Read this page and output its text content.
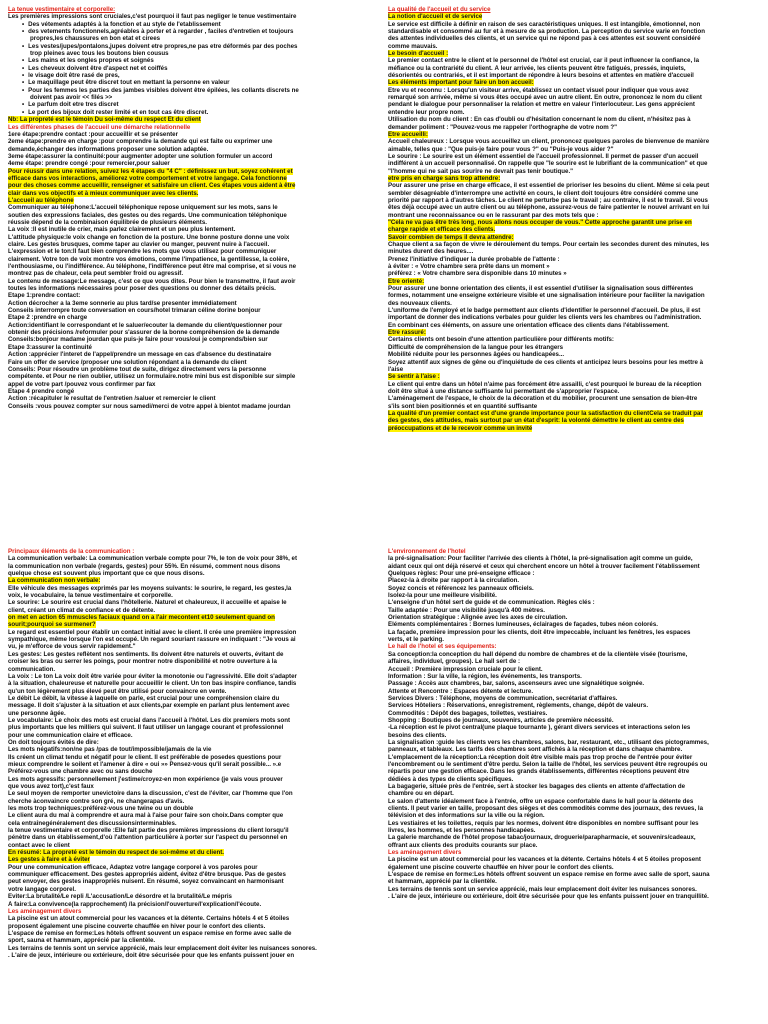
La tenue vestimentaire et corporelle:
Les premières impressions sont cruciales,c'est pourquoi il faut pas negliger le tenue vestimentaire
• Des vétements adaptés à la fonction et au style de l'etablissement
• des vetements fonctionnels,agréables à porter et à regarder , faciles d'entretien et toujours
propres,les chaussures en bon etat et cirees
• Les vestes/jupes/pontalons,jupes doivent etre propres,ne pas etre déformés par des poches
trop pleines avec tous les boutons bien cousus
• Les mains et les ongles propres et soignés
• Les cheveux doivent être d'aspect net et coiffés
• le visage doit être rasé de pres,
• Le maquillage peut être discret tout en mettant la personne en valeur
• Pour les femmes les parties des jambes visibles doivent être épilées, les collants discrets ne
doivent pas avoir << filés >>
• Le parfum doit etre tres discret
• Le port des bijoux doit rester limité et en tout cas être discret.
Nb: La propreté est le témoin Du soi-même du respect Et du client
Les différentes phases de l'accueil une démarche relationnelle
1ere étape:prendre contact :pour accueillir et se présenter
2eme étape:prendre en charge :pour comprendre la demande qui est faite ou exprimer une
demande,échanger des informations proposer une solution adaptée.
3eme étape:assurer la continuité:pour augmenter adopter une solution formuler un accord
4eme étape: prendre congé :pour remercier,pour saluer
Pour réussir dans une relation, suivez les 4 étapes du "4 C" : définissez un but, soyez cohérent et
efficace dans vos interactions, améliorez votre comportement et votre langage. Cela fonctionne
pour des choses comme accueillir, renseigner et satisfaire un client. Ces étapes vous aident à être
clair dans vos objectifs et à mieux communiquer avec les clients.
L'accueil au téléphone
Communiquer au téléphone:L'accueil téléphonique repose uniquement sur les mots, sans le
soutien des expressions faciales, des gestes ou des regards. Une communication téléphonique
réussie dépend de la combinaison équilibrée de plusieurs éléments.
La voix :Il est inutile de crier, mais parlez clairement et un peu plus lentement.
L'attitude physique:le voix change en fonction de la posture. Une bonne posture donne une voix
claire. Les gestes brusques, comme taper au clavier ou manger, peuvent nuire à l'accueil.
L'expression et le ton:Il faut bien comprendre les mots que vous utilisez pour communiquer
clairement. Votre ton de voix montre vos émotions, comme l'impatience, la gentillesse, la colère,
l'enthousiasme, ou l'indifférence. Au téléphone, l'indifférence peut être mal comprise, et si vous ne
montrez pas de chaleur, cela peut sembler froid ou agressif.
Le contenu de message:Le message, c'est ce que vous dites. Pour bien le transmettre, il faut avoir
toutes les informations nécessaires pour poser des questions ou donner des détails précis.
Etape 1:prendre contact:
Action décrocher a la 3eme sonnerie au plus tard/se presenter immédiatement
Conseils interrompre toute conversation en cours/hotel trimaran céline dorine bonjour
Etape 2 :prendre en charge
Action:identifiant le correspondant et le saluer/ecouter la demande du client/questionner pour
obtenir des précisions /reformuler pour s'assurer de la bonne compréhension de la demande
Conseils:bonjour madame jourdan que puis-je faire pour vous/oui je comprends/bien sur
Etape 3:assurer la continuité
Action :apprécier l'interet de l'appel/prendre un message en cas d'absence du destinataire
Faire un offer de service /proposer une solution répondant a la demande du client
Conseils: Pour résoudre un problème tout de suite, dirigez directement vers la personne
compétente. et Pour ne rien oublier, utilisez un formulaire.notre mini bus est disponible sur simple
appel de votre part /pouvez vous confirmer par fax
Etape 4 prendre congé
Action :récapituler le resultat de l'entretien /saluer et remercier le client
Conseils :vous pouvez compter sur nous samedi/merci de votre appel à bientot madame jourdan
La qualité de l'accueil et du service
La notion d'accueil et de service
Le service est difficile à définir en raison de ses caractéristiques uniques. Il est intangible, émotionnel, non
standardisable et consommé au fur et à mesure de sa production. La perception du service varie en fonction
des attentes individuelles des clients, et un service qui ne répond pas à ces attentes est souvent considéré
comme mauvais.
Le besoin d'accueil :
Le premier contact entre le client et le personnel de l'hôtel est crucial, car il peut influencer la confiance, la
méfiance ou la contrariété du client. À leur arrivée, les clients peuvent être fatigués, pressés, inquiets,
désorientés ou contrariés, et il est important de répondre à leurs besoins et attentes en matière d'accueil
Les éléments important pour faire un bon accueil:
Etre vu et reconnu : Lorsqu'un visiteur arrive, établissez un contact visuel pour indiquer que vous avez
remarqué son arrivée, même si vous êtes occupé avec un autre client. En outre, prononcez le nom du client
pendant le dialogue pour personnaliser la relation et mettre en valeur l'interlocuteur. Les gens apprécient
entendre leur propre nom.
Utilisation du nom du client : En cas d'oubli ou d'hésitation concernant le nom du client, n'hésitez pas à
demander poliment : "Pouvez-vous me rappeler l'orthographe de votre nom ?"
Etre accueilli:
Accueil chaleureux : Lorsque vous accueillez un client, prononcez quelques paroles de bienvenue de manière
aimable, telles que : "Que puis-je faire pour vous ?" ou "Puis-je vous aider ?"
Le sourire : Le sourire est un élément essentiel de l'accueil professionnel. Il permet de passer d'un accueil
indifférent à un accueil personnalisé. On rappelle que "le sourire est le lubrifiant de la communication" et que
"l'homme qui ne sait pas sourire ne devrait pas tenir boutique."
etre pris en charge sans trop attendre:
Pour assurer une prise en charge efficace, il est essentiel de prioriser les besoins du client. Même si cela peut
sembler désagréable d'interrompre une activité en cours, le client doit toujours être considéré comme une
priorité par rapport à d'autres tâches. Le client ne perturbe pas le travail ; au contraire, il est le travail. Si vous
êtes déjà occupé avec un autre client ou au téléphone, assurez-vous de faire patienter le nouvel arrivant en lui
montrant une reconnaissance ou en le rassurant par des mots tels que :
"Cela ne va pas être très long, nous allons nous occuper de vous." Cette approche garantit une prise en
charge rapide et efficace des clients.
Savoir combien de temps il devra attendre:
Chaque client a sa façon de vivre le déroulement du temps. Pour certain les secondes durent des minutes, les
minutes durent des heures....
Prenez l'initiative d'indiquer la durée probable de l'attente :
à éviter : « Votre chambre sera prête dans un moment »
préférez : « Votre chambre sera disponible dans 10 minutes »
Etre orienté:
Pour assurer une bonne orientation des clients, il est essentiel d'utiliser la signalisation sous différentes
formes, notamment une enseigne extérieure visible et une signalisation intérieure pour faciliter la navigation
des nouveaux clients.
L'uniforme de l'employé et le badge permettent aux clients d'identifier le personnel d'accueil. De plus, il est
important de donner des indications verbales pour guider les clients vers les chambres ou l'administration.
En combinant ces éléments, on assure une orientation efficace des clients dans l'établissement.
Etre rassuré:
Certains clients ont besoin d'une attention particulière pour différents motifs:
Difficulté de compréhension de la langue pour les étrangers
Mobilité réduite pour les personnes âgées ou handicapées...
Soyez attentif aux signes de gêne ou d'inquiétude de ces clients et anticipez leurs besoins pour les mettre à
l'aise
Se sentir à l'aise :
Le client qui entre dans un hôtel n'aime pas forcément être assailli, c'est pourquoi le bureau de la réception
doit être situé à une distance suffisante lui permettant de s'approprier l'espace.
L'aménagement de l'espace, le choix de la décoration et du mobilier, procurent une sensation de bien-être
s'ils sont bien positionnés et en quantité suffisante
La qualité d'un premier contact est d'une grande importance pour la satisfaction du clientCela se traduit par
des gestes, des attitudes, mais surtout par un état d'esprit: la volonté démettre le client au centre des
préoccupations et de le recevoir comme un invité
Principaux éléments de la communication :
La communication verbale: La communication verbale compte pour 7%, le ton de voix pour 38%, et
la communication non verbale (regards, gestes) pour 55%. En résumé, comment nous disons
quelque chose est souvent plus important que ce que nous disons.
La communication non verbale:
Elle véhicule des messages exprimés par les moyens suivants: le sourire, le regard, les gestes,la
voix, le vocabulaire, la tenue vestimentaire et corporelle.
Le sourire: Le sourire est crucial dans l'hôtellerie. Naturel et chaleureux, il accueille et apaise le
client, créant un climat de confiance et de détente.
on met en action 65 mmuscles faciaux quand on a l'air mecontent et10 seulement quand on
sourit;pourquoi se surmener?
Le regard est essentiel pour établir un contact initial avec le client. Il crée une première impression
sympathique, même lorsque l'on est occupé. Un regard souriant rassure en indiquant : "Je vous ai
vu, je m'efforce de vous servir rapidement."
Les gestes: Les gestes reflètent nos sentiments. Ils doivent être naturels et ouverts, évitant de
croiser les bras ou serrer les poings, pour montrer notre disponibilité et notre ouverture à la
communication.
La voix : Le ton La voix doit être variée pour éviter la monotonie ou l'agressivité. Elle doit s'adapter
à la situation, chaleureuse et naturelle pour accueillir le client. Un ton bas inspire confiance, tandis
qu'un ton légèrement plus élevé peut être utilisé pour convaincre en vente.
Le débit Le débit, la vitesse à laquelle on parle, est crucial pour une compréhension claire du
message. Il doit s'ajuster à la situation et aux clients,par exemple en parlant plus lentement avec
une personne âgée.
Le vocabulaire: Le choix des mots est crucial dans l'accueil à l'hôtel. Les dix premiers mots sont
plus importants que les milliers qui suivent. Il faut utiliser un langage courant et professionnel
pour une communication claire et efficace.
On doit toujours évités de dire:
Les mots négatifs:non/ne pas /pas de tout/impossible/jamais de la vie
Ils créent un climat tendu et négatif pour le client. Il est préférable de posedes questions pour
mieux comprendre le soilent et l'amener à dire « oui »» Pensez-vous qu'il serait possible... ».e
Préférez-vous une chambre avec ou sans douche
Les mots agressifs: personnellement j'estime/croyez-en mon expérience (je vais vous prouver
que vous avez tort),c'est faux
Le seul moyen de remporter unevictoire dans la discussion, c'est de l'éviter, car l'homme que l'on
cherche àconvaincre contre son gré, ne changerapas d'avis.
les mots trop techniques:préférez-vous une twine ou un double
Le client aura du mal à comprendre et aura mal à l'aise pour faire son choix.Dans compter que
cela entraînegénéralement des discussionsinterminables.
la tenue vestimentaire et corporelle :Elle fait partie des premières impressions du client lorsqu'il
pénètre dans un établissement,d'où l'attention particulière à porter sur l'aspect du personnel en
contact avec le client
En résumé: La propreté est le témoin du respect de soi-même et du client.
Les gestes à faire et à éviter
Pour une communication efficace, Adaptez votre langage corporel à vos paroles pour
communiquer efficacement. Des gestes appropriés aident, évitez d'être brusque. Pas de gestes
peut envoyer, des gestes inappropriés nuisent. En résumé, soyez convaincant en harmonisant
votre langage corporel.
Eviter:La brutalité/Le repli /L'accusation/Le désordre et la brutalité/Le mépris
À faire:La convivence(la rapprochement) /la précision/l'ouverture/l'explication/l'écoute.
Les aménagement divers
La piscine est un atout commercial pour les vacances et la détente. Certains hôtels 4 et 5 étoiles
proposent également une piscine couverte chauffée en hiver pour le confort des clients.
L'espace de remise en forme:Les hôtels offrent souvent un espace remise en forme avec salle de
sport, sauna et hammam, apprécié par la clientèle.
Les terrains de tennis sont un service apprécié, mais leur emplacement doit éviter les nuisances sonores.
. L'aire de jeux, intérieure ou extérieure, doit être sécurisée pour que les enfants puissent jouer en
L'environnement de l'hotel
la pré-signalisation: Pour faciliter l'arrivée des clients à l'hôtel, la pré-signalisation agit comme un guide,
aidant ceux qui ont déjà réservé et ceux qui cherchent encore un hôtel à trouver facilement l'établissement
Quelques règles: Pour une pré-enseigne efficace :
Placez-la à droite par rapport à la circulation.
Soyez concis et référencez les panneaux officiels.
Isolez-la pour une meilleure visibilité.
L'enseigne d'un hôtel sert de guide et de communication. Règles clés :
Taille adaptée : Pour une visibilité jusqu'à 400 mètres.
Orientation stratégique : Alignée avec les axes de circulation.
Éléments complémentaires : Bornes lumineuses, éclairages de façades, tubes néon colorés.
La façade, première impression pour les clients, doit être impeccable, incluant les fenêtres, les espaces
verts, et le parking.
Le hall de l'hotel et ses équipements:
Sa conception:la conception du hall dépend du nombre de chambres et de la clientèle visée (tourisme,
affaires, individuel, groupes). Le hall sert de :
Accueil : Première impression cruciale pour le client.
Information : Sur la ville, la région, les événements, les transports.
Passage : Accès aux chambres, bar, salons, ascenseurs avec une signalétique soignée.
Attente et Rencontre : Espaces détente et lecture.
Services Divers : Téléphone, moyens de communication, secrétariat d'affaires.
Services Hôteliers : Réservations, enregistrement, règlements, change, dépôt de valeurs.
Commodités : Dépôt des bagages, toilettes, vestiaires.
Shopping : Boutiques de journaux, souvenirs, articles de première nécessité.
-La réception est le pivot central(une plaque tournante ), gérant divers services et interactions selon les
besoins des clients.
La signalisation :guide les clients vers les chambres, salons, bar, restaurant, etc., utilisant des pictogrammes,
panneaux, et tableaux. Les tarifs des chambres sont affichés à la réception et dans chaque chambre.
L'emplacement de la réception:La réception doit être visible mais pas trop proche de l'entrée pour éviter
l'encombrement ou le sentiment d'être perdu. Selon la taille de l'hôtel, les services peuvent être regroupés ou
répartis pour une gestion efficace. Dans les grands établissements, différentes réceptions peuvent être
dédiées à des types de clients spécifiques.
La bagagerie, située près de l'entrée, sert à stocker les bagages des clients en attente d'affectation de
chambre ou en départ.
Le salon d'attente idéalement face à l'entrée, offre un espace confortable dans le hall pour la détente des
clients. Il peut varier en taille, proposant des sièges et des commodités comme des journaux, des revues, la
télévision et des informations sur la ville ou la région.
Les vestiaires et les toilettes, requis par les normes, doivent être disponibles en nombre suffisant pour les
livres, les hommes, et les personnes handicapées.
La galerie marchande de l'hôtel propose tabac/journaux, droguerie/parapharmacie, et souvenirs/cadeaux,
offrant aux clients des produits courants sur place.
Les aménagement divers
La piscine est un atout commercial pour les vacances et la détente. Certains hôtels 4 et 5 étoiles proposent
également une piscine couverte chauffée en hiver pour le confort des clients.
L'espace de remise en forme:Les hôtels offrent souvent un espace remise en forme avec salle de sport, sauna
et hammam, apprécié par la clientèle.
Les terrains de tennis sont un service apprécié, mais leur emplacement doit éviter les nuisances sonores.
. L'aire de jeux, intérieure ou extérieure, doit être sécurisée pour que les enfants puissent jouer en tranquillité.
